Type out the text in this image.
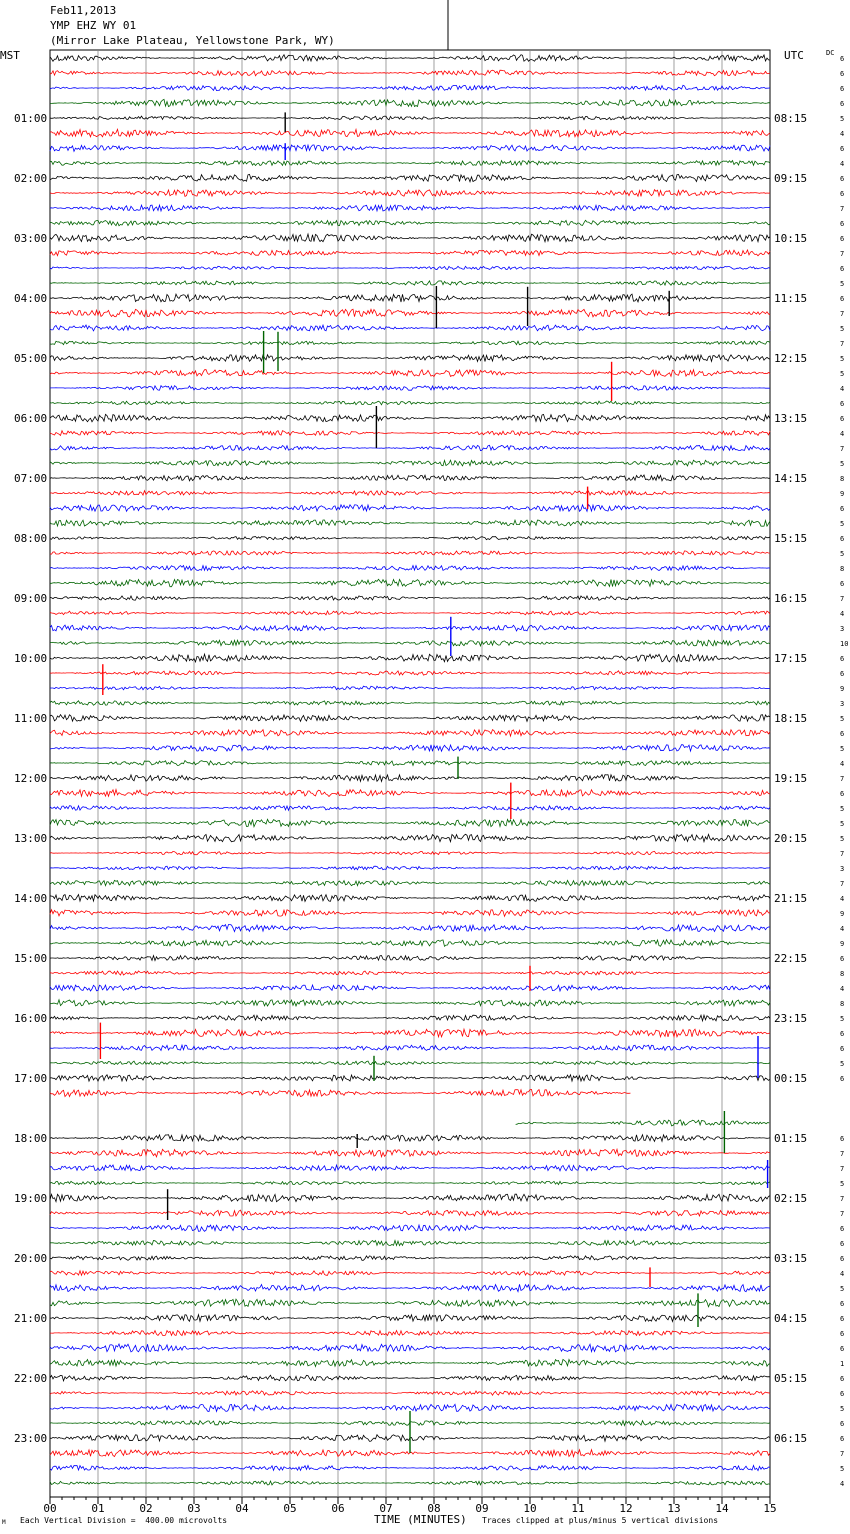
Feb11,2013
YMP EHZ WY 01
(Mirror Lake Plateau, Yellowstone Park, WY)
MST	UTC	DC
00	01	02	03	04	05	06	07	08	09	10	11	12	13	14	15
01:00
02:00
03:00
04:00
05:00
06:00
07:00
08:00
09:00
10:00
11:00
12:00
13:00
14:00
15:00
16:00
17:00
18:00
19:00
20:00
21:00
22:00
23:00
08:15
09:15
10:15
11:15
12:15
13:15
14:15
15:15
16:15
17:15
18:15
19:15
20:15
21:15
22:15
23:15
00:15
01:15
02:15
03:15
04:15
05:15
06:15
6
6
6
6
5
4
6
4
6
6
7
6
6
7
6
5
6
7
5
7
5
5
4
6
6
4
7
5
8
9
6
5
6
5
8
6
7
4
3
10
6
6
9
3
5
6
5
4
7
6
5
5
5
7
3
7
4
9
4
9
6
8
4
8
5
6
6
5
6
6
7
7
5
7
7
6
6
6
4
5
6
6
6
6
1
6
6
5
6
6
7
5
4
TIME (MINUTES)
M Each Vertical Division =  400.00 microvolts	Traces clipped at plus/minus 5 vertical divisions
